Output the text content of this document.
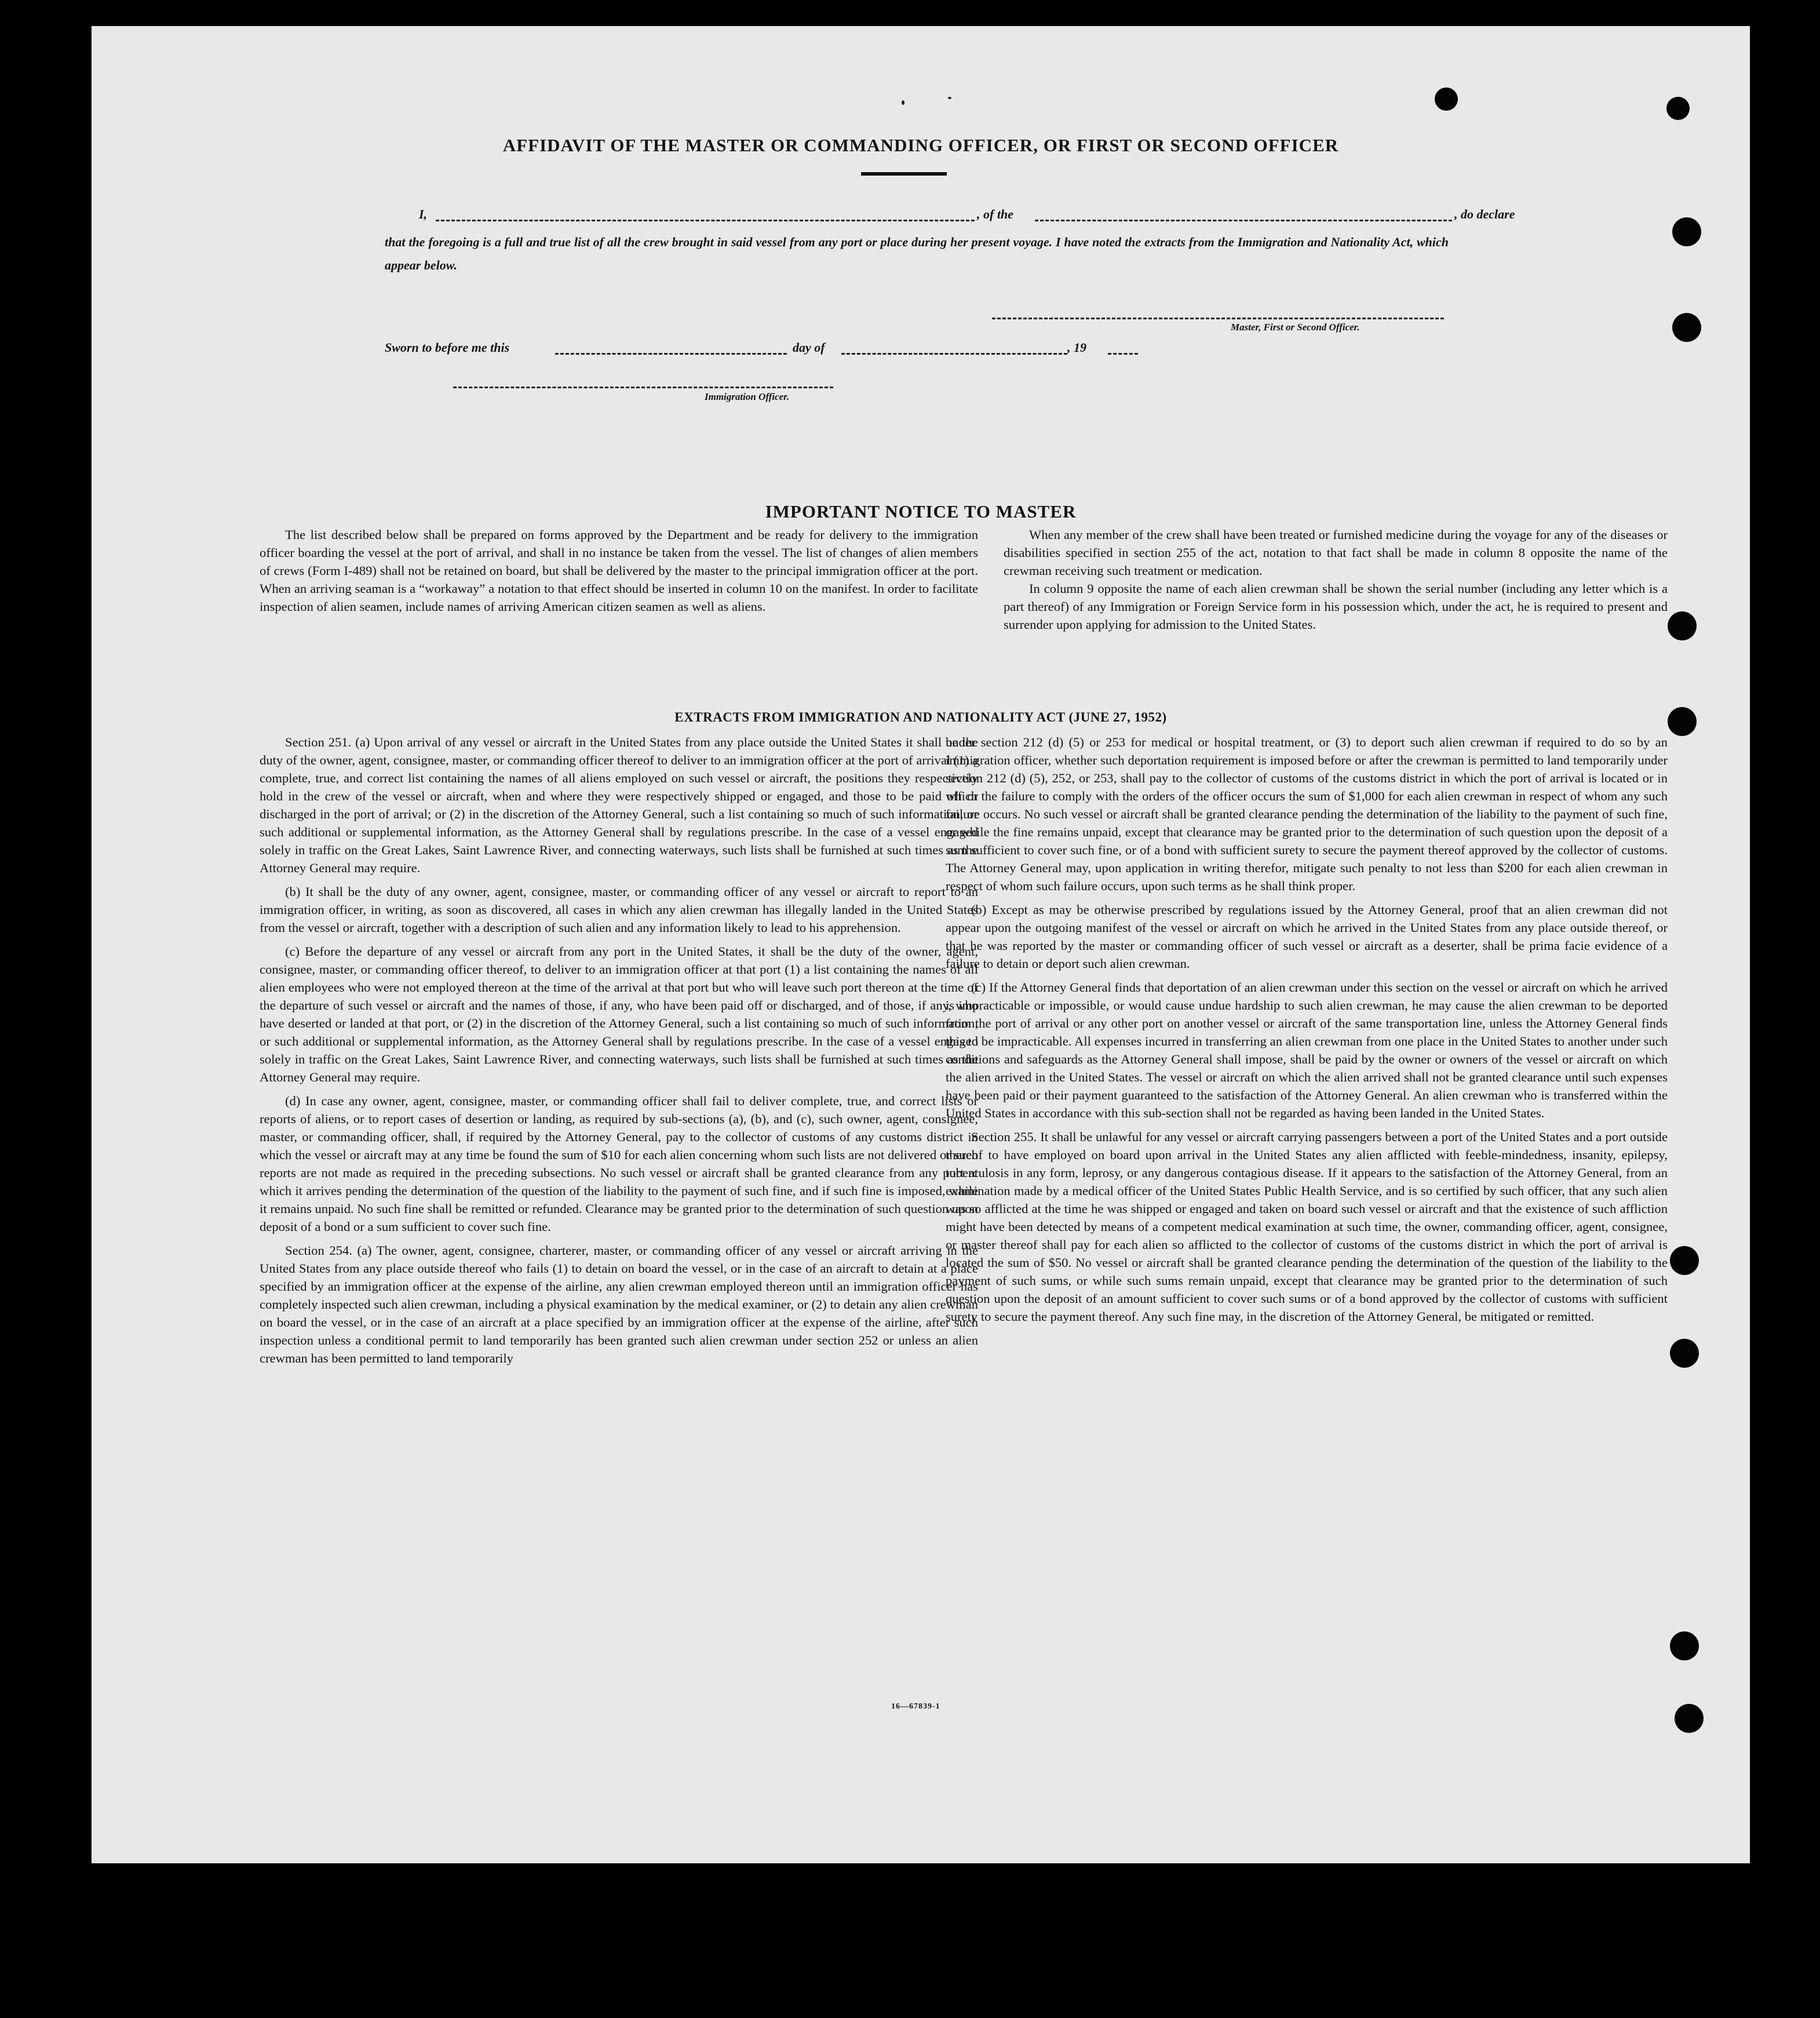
AFFIDAVIT OF THE MASTER OR COMMANDING OFFICER, OR FIRST OR SECOND OFFICER
I,	, of the	, do declare
that the foregoing is a full and true list of all the crew brought in said vessel from any port or place during her present voyage. I have noted the extracts from the Immigration and Nationality Act, which appear below.
Master, First or Second Officer.
Sworn to before me this	day of	, 19
Immigration Officer.
IMPORTANT NOTICE TO MASTER

The list described below shall be prepared on forms approved by the Department and be ready for delivery to the immigration officer boarding the vessel at the port of arrival, and shall in no instance be taken from the vessel. The list of changes of alien members of crews (Form I-489) shall not be retained on board, but shall be delivered by the master to the principal immigration officer at the port. When an arriving seaman is a “workaway” a notation to that effect should be inserted in column 10 on the manifest. In order to facilitate inspection of alien seamen, include names of arriving American citizen seamen as well as aliens.

When any member of the crew shall have been treated or furnished medicine during the voyage for any of the diseases or disabilities specified in section 255 of the act, notation to that fact shall be made in column 8 opposite the name of the crewman receiving such treatment or medication.

In column 9 opposite the name of each alien crewman shall be shown the serial number (including any letter which is a part thereof) of any Immigration or Foreign Service form in his possession which, under the act, he is required to present and surrender upon applying for admission to the United States.

EXTRACTS FROM IMMIGRATION AND NATIONALITY ACT (JUNE 27, 1952)

Section 251. (a) Upon arrival of any vessel or aircraft in the United States from any place outside the United States it shall be the duty of the owner, agent, consignee, master, or commanding officer thereof to deliver to an immigration officer at the port of arrival (1) a complete, true, and correct list containing the names of all aliens employed on such vessel or aircraft, the positions they respectively hold in the crew of the vessel or aircraft, when and where they were respectively shipped or engaged, and those to be paid off or discharged in the port of arrival; or (2) in the discretion of the Attorney General, such a list containing so much of such information, or such additional or supplemental information, as the Attorney General shall by regulations prescribe. In the case of a vessel engaged solely in traffic on the Great Lakes, Saint Lawrence River, and connecting waterways, such lists shall be furnished at such times as the Attorney General may require.

(b) It shall be the duty of any owner, agent, consignee, master, or commanding officer of any vessel or aircraft to report to an immigration officer, in writing, as soon as discovered, all cases in which any alien crewman has illegally landed in the United States from the vessel or aircraft, together with a description of such alien and any information likely to lead to his apprehension.

(c) Before the departure of any vessel or aircraft from any port in the United States, it shall be the duty of the owner, agent, consignee, master, or commanding officer thereof, to deliver to an immigration officer at that port (1) a list containing the names of all alien employees who were not employed thereon at the time of the arrival at that port but who will leave such port thereon at the time of the departure of such vessel or aircraft and the names of those, if any, who have been paid off or discharged, and of those, if any, who have deserted or landed at that port, or (2) in the discretion of the Attorney General, such a list containing so much of such information, or such additional or supplemental information, as the Attorney General shall by regulations prescribe. In the case of a vessel engaged solely in traffic on the Great Lakes, Saint Lawrence River, and connecting waterways, such lists shall be furnished at such times as the Attorney General may require.

(d) In case any owner, agent, consignee, master, or commanding officer shall fail to deliver complete, true, and correct lists or reports of aliens, or to report cases of desertion or landing, as required by sub-sections (a), (b), and (c), such owner, agent, consignee, master, or commanding officer, shall, if required by the Attorney General, pay to the collector of customs of any customs district in which the vessel or aircraft may at any time be found the sum of $10 for each alien concerning whom such lists are not delivered or such reports are not made as required in the preceding subsections. No such vessel or aircraft shall be granted clearance from any port at which it arrives pending the determination of the question of the liability to the payment of such fine, and if such fine is imposed, while it remains unpaid. No such fine shall be remitted or refunded. Clearance may be granted prior to the determination of such question upon deposit of a bond or a sum sufficient to cover such fine.

Section 254. (a) The owner, agent, consignee, charterer, master, or commanding officer of any vessel or aircraft arriving in the United States from any place outside thereof who fails (1) to detain on board the vessel, or in the case of an aircraft to detain at a place specified by an immigration officer at the expense of the airline, any alien crewman employed thereon until an immigration officer has completely inspected such alien crewman, including a physical examination by the medical examiner, or (2) to detain any alien crewman on board the vessel, or in the case of an aircraft at a place specified by an immigration officer at the expense of the airline, after such inspection unless a conditional permit to land temporarily has been granted such alien crewman under section 252 or unless an alien crewman has been permitted to land temporarily

under section 212 (d) (5) or 253 for medical or hospital treatment, or (3) to deport such alien crewman if required to do so by an immigration officer, whether such deportation requirement is imposed before or after the crewman is permitted to land temporarily under section 212 (d) (5), 252, or 253, shall pay to the collector of customs of the customs district in which the port of arrival is located or in which the failure to comply with the orders of the officer occurs the sum of $1,000 for each alien crewman in respect of whom any such failure occurs. No such vessel or aircraft shall be granted clearance pending the determination of the liability to the payment of such fine, or while the fine remains unpaid, except that clearance may be granted prior to the determination of such question upon the deposit of a sum sufficient to cover such fine, or of a bond with sufficient surety to secure the payment thereof approved by the collector of customs. The Attorney General may, upon application in writing therefor, mitigate such penalty to not less than $200 for each alien crewman in respect of whom such failure occurs, upon such terms as he shall think proper.

(b) Except as may be otherwise prescribed by regulations issued by the Attorney General, proof that an alien crewman did not appear upon the outgoing manifest of the vessel or aircraft on which he arrived in the United States from any place outside thereof, or that he was reported by the master or commanding officer of such vessel or aircraft as a deserter, shall be prima facie evidence of a failure to detain or deport such alien crewman.

(c) If the Attorney General finds that deportation of an alien crewman under this section on the vessel or aircraft on which he arrived is impracticable or impossible, or would cause undue hardship to such alien crewman, he may cause the alien crewman to be deported from the port of arrival or any other port on another vessel or aircraft of the same transportation line, unless the Attorney General finds this to be impracticable. All expenses incurred in transferring an alien crewman from one place in the United States to another under such conditions and safeguards as the Attorney General shall impose, shall be paid by the owner or owners of the vessel or aircraft on which the alien arrived in the United States. The vessel or aircraft on which the alien arrived shall not be granted clearance until such expenses have been paid or their payment guaranteed to the satisfaction of the Attorney General. An alien crewman who is transferred within the United States in accordance with this sub-section shall not be regarded as having been landed in the United States.

Section 255. It shall be unlawful for any vessel or aircraft carrying passengers between a port of the United States and a port outside thereof to have employed on board upon arrival in the United States any alien afflicted with feeble-mindedness, insanity, epilepsy, tuberculosis in any form, leprosy, or any dangerous contagious disease. If it appears to the satisfaction of the Attorney General, from an examination made by a medical officer of the United States Public Health Service, and is so certified by such officer, that any such alien was so afflicted at the time he was shipped or engaged and taken on board such vessel or aircraft and that the existence of such affliction might have been detected by means of a competent medical examination at such time, the owner, commanding officer, agent, consignee, or master thereof shall pay for each alien so afflicted to the collector of customs of the customs district in which the port of arrival is located the sum of $50. No vessel or aircraft shall be granted clearance pending the determination of the question of the liability to the payment of such sums, or while such sums remain unpaid, except that clearance may be granted prior to the determination of such question upon the deposit of an amount sufficient to cover such sums or of a bond approved by the collector of customs with sufficient surety to secure the payment thereof. Any such fine may, in the discretion of the Attorney General, be mitigated or remitted.

16—67839-1
